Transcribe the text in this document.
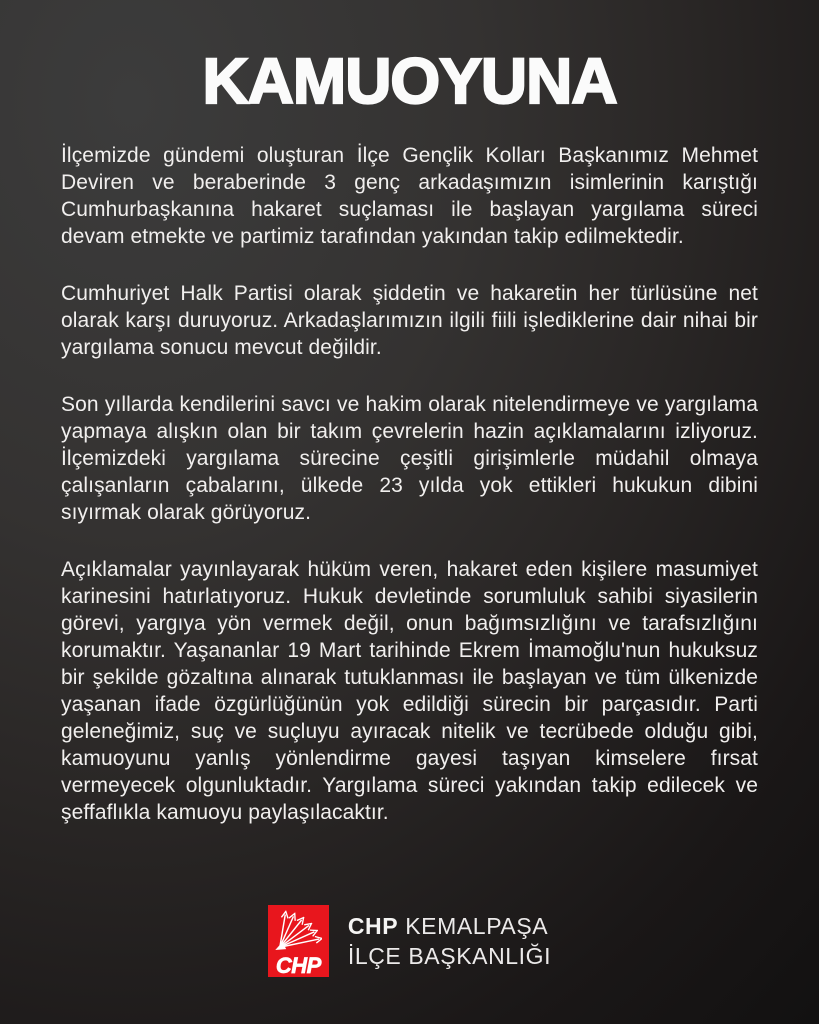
KAMUOYUNA

İlçemizde gündemi oluşturan İlçe Gençlik Kolları Başkanımız Mehmet Deviren ve beraberinde 3 genç arkadaşımızın isimlerinin karıştığı Cumhurbaşkanına hakaret suçlaması ile başlayan yargılama süreci devam etmekte ve partimiz tarafından yakından takip edilmektedir.

Cumhuriyet Halk Partisi olarak şiddetin ve hakaretin her türlüsüne net olarak karşı duruyoruz. Arkadaşlarımızın ilgili fiili işlediklerine dair nihai bir yargılama sonucu mevcut değildir.

Son yıllarda kendilerini savcı ve hakim olarak nitelendirmeye ve yargılama yapmaya alışkın olan bir takım çevrelerin hazin açıklamalarını izliyoruz. İlçemizdeki yargılama sürecine çeşitli girişimlerle müdahil olmaya çalışanların çabalarını, ülkede 23 yılda yok ettikleri hukukun dibini sıyırmak olarak görüyoruz.

Açıklamalar yayınlayarak hüküm veren, hakaret eden kişilere masumiyet karinesini hatırlatıyoruz. Hukuk devletinde sorumluluk sahibi siyasilerin görevi, yargıya yön vermek değil, onun bağımsızlığını ve tarafsızlığını korumaktır. Yaşananlar 19 Mart tarihinde Ekrem İmamoğlu'nun hukuksuz bir şekilde gözaltına alınarak tutuklanması ile başlayan ve tüm ülkenizde yaşanan ifade özgürlüğünün yok edildiği sürecin bir parçasıdır. Parti geleneğimiz, suç ve suçluyu ayıracak nitelik ve tecrübede olduğu gibi, kamuoyunu yanlış yönlendirme gayesi taşıyan kimselere fırsat vermeyecek olgunluktadır. Yargılama süreci yakından takip edilecek ve şeffaflıkla kamuoyu paylaşılacaktır.

CHP
CHP KEMALPAŞA
İLÇE BAŞKANLIĞI
